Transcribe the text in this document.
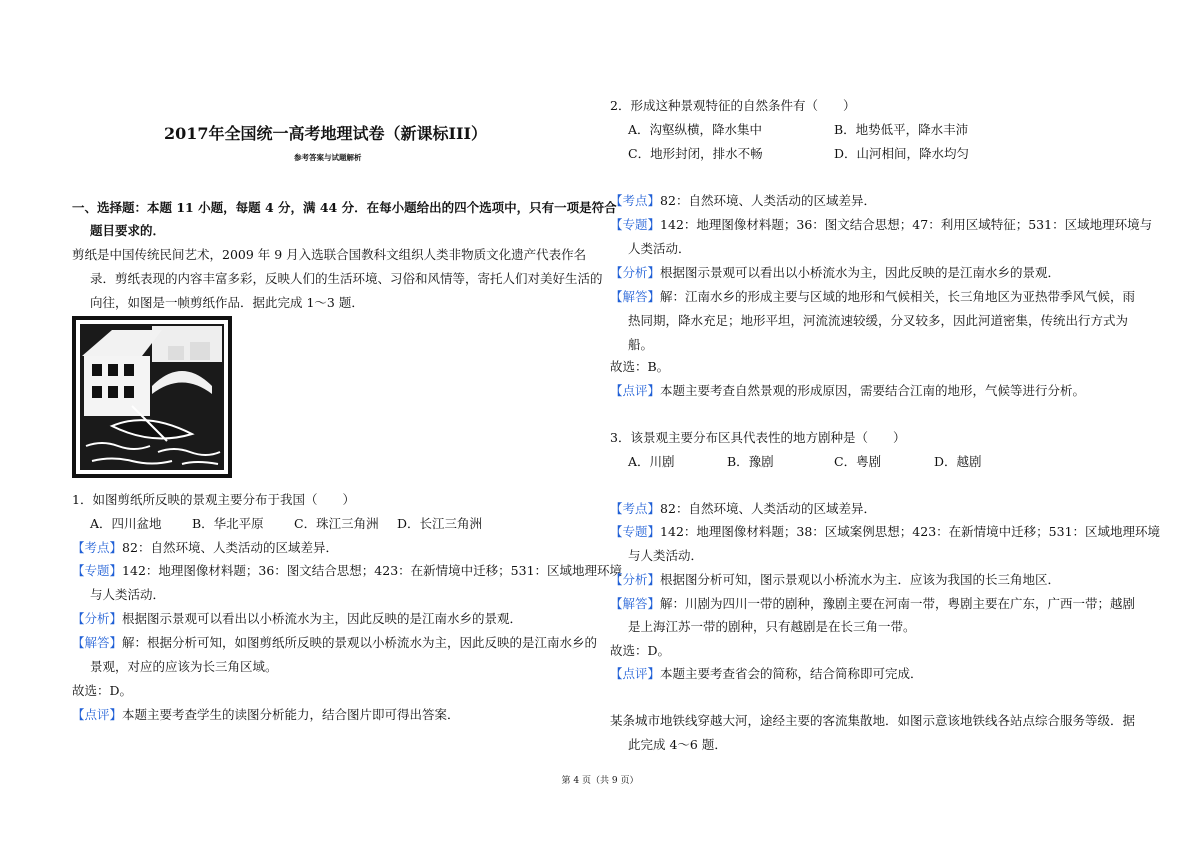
2017年全国统一高考地理试卷（新课标III）
参考答案与试题解析
一、选择题：本题 11 小题，每题 4 分，满 44 分．在每小题给出的四个选项中，只有一项是符合
题目要求的．
剪纸是中国传统民间艺术，2009 年 9 月入选联合国教科文组织人类非物质文化遗产代表作名
录．剪纸表现的内容丰富多彩，反映人们的生活环境、习俗和风情等，寄托人们对美好生活的
向往，如图是一帧剪纸作品．据此完成 1～3 题．
1．如图剪纸所反映的景观主要分布于我国（　　）
A．四川盆地 B．华北平原 C．珠江三角洲 D．长江三角洲
【 考点 】 82：自然环境、人类活动的区域差异．
【 专题 】 142：地理图像材料题；36：图文结合思想；423：在新情境中迁移；531：区域地理环境
与人类活动．
【 分析 】 根据图示景观可以看出以小桥流水为主，因此反映的是江南水乡的景观．
【 解答 】 解：根据分析可知，如图剪纸所反映的景观以小桥流水为主，因此反映的是江南水乡的
景观，对应的应该为长三角区域。
故选：D。
【 点评 】 本题主要考查学生的读图分析能力，结合图片即可得出答案．
2．形成这种景观特征的自然条件有（　　）
A．沟壑纵横，降水集中	B．地势低平，降水丰沛
C．地形封闭，排水不畅	D．山河相间，降水均匀
【 考点 】 82：自然环境、人类活动的区域差异．
【 专题 】 142：地理图像材料题；36：图文结合思想；47：利用区域特征；531：区域地理环境与
人类活动．
【 分析 】 根据图示景观可以看出以小桥流水为主，因此反映的是江南水乡的景观．
【 解答 】 解：江南水乡的形成主要与区域的地形和气候相关，长三角地区为亚热带季风气候，雨
热同期，降水充足；地形平坦，河流流速较缓，分叉较多，因此河道密集，传统出行方式为
船。
故选：B。
【 点评 】 本题主要考查自然景观的形成原因，需要结合江南的地形，气候等进行分析。
3．该景观主要分布区具代表性的地方剧种是（　　）
A．川剧	B．豫剧	C．粤剧	D．越剧
【 考点 】 82：自然环境、人类活动的区域差异．
【 专题 】 142：地理图像材料题；38：区域案例思想；423：在新情境中迁移；531：区域地理环境
与人类活动．
【 分析 】 根据图分析可知，图示景观以小桥流水为主．应该为我国的长三角地区．
【 解答 】 解：川剧为四川一带的剧种，豫剧主要在河南一带，粤剧主要在广东，广西一带；越剧
是上海江苏一带的剧种，只有越剧是在长三角一带。
故选：D。
【 点评 】 本题主要考查省会的简称，结合简称即可完成．
某条城市地铁线穿越大河，途经主要的客流集散地．如图示意该地铁线各站点综合服务等级．据
此完成 4～6 题．
第 4 页（共 9 页）
